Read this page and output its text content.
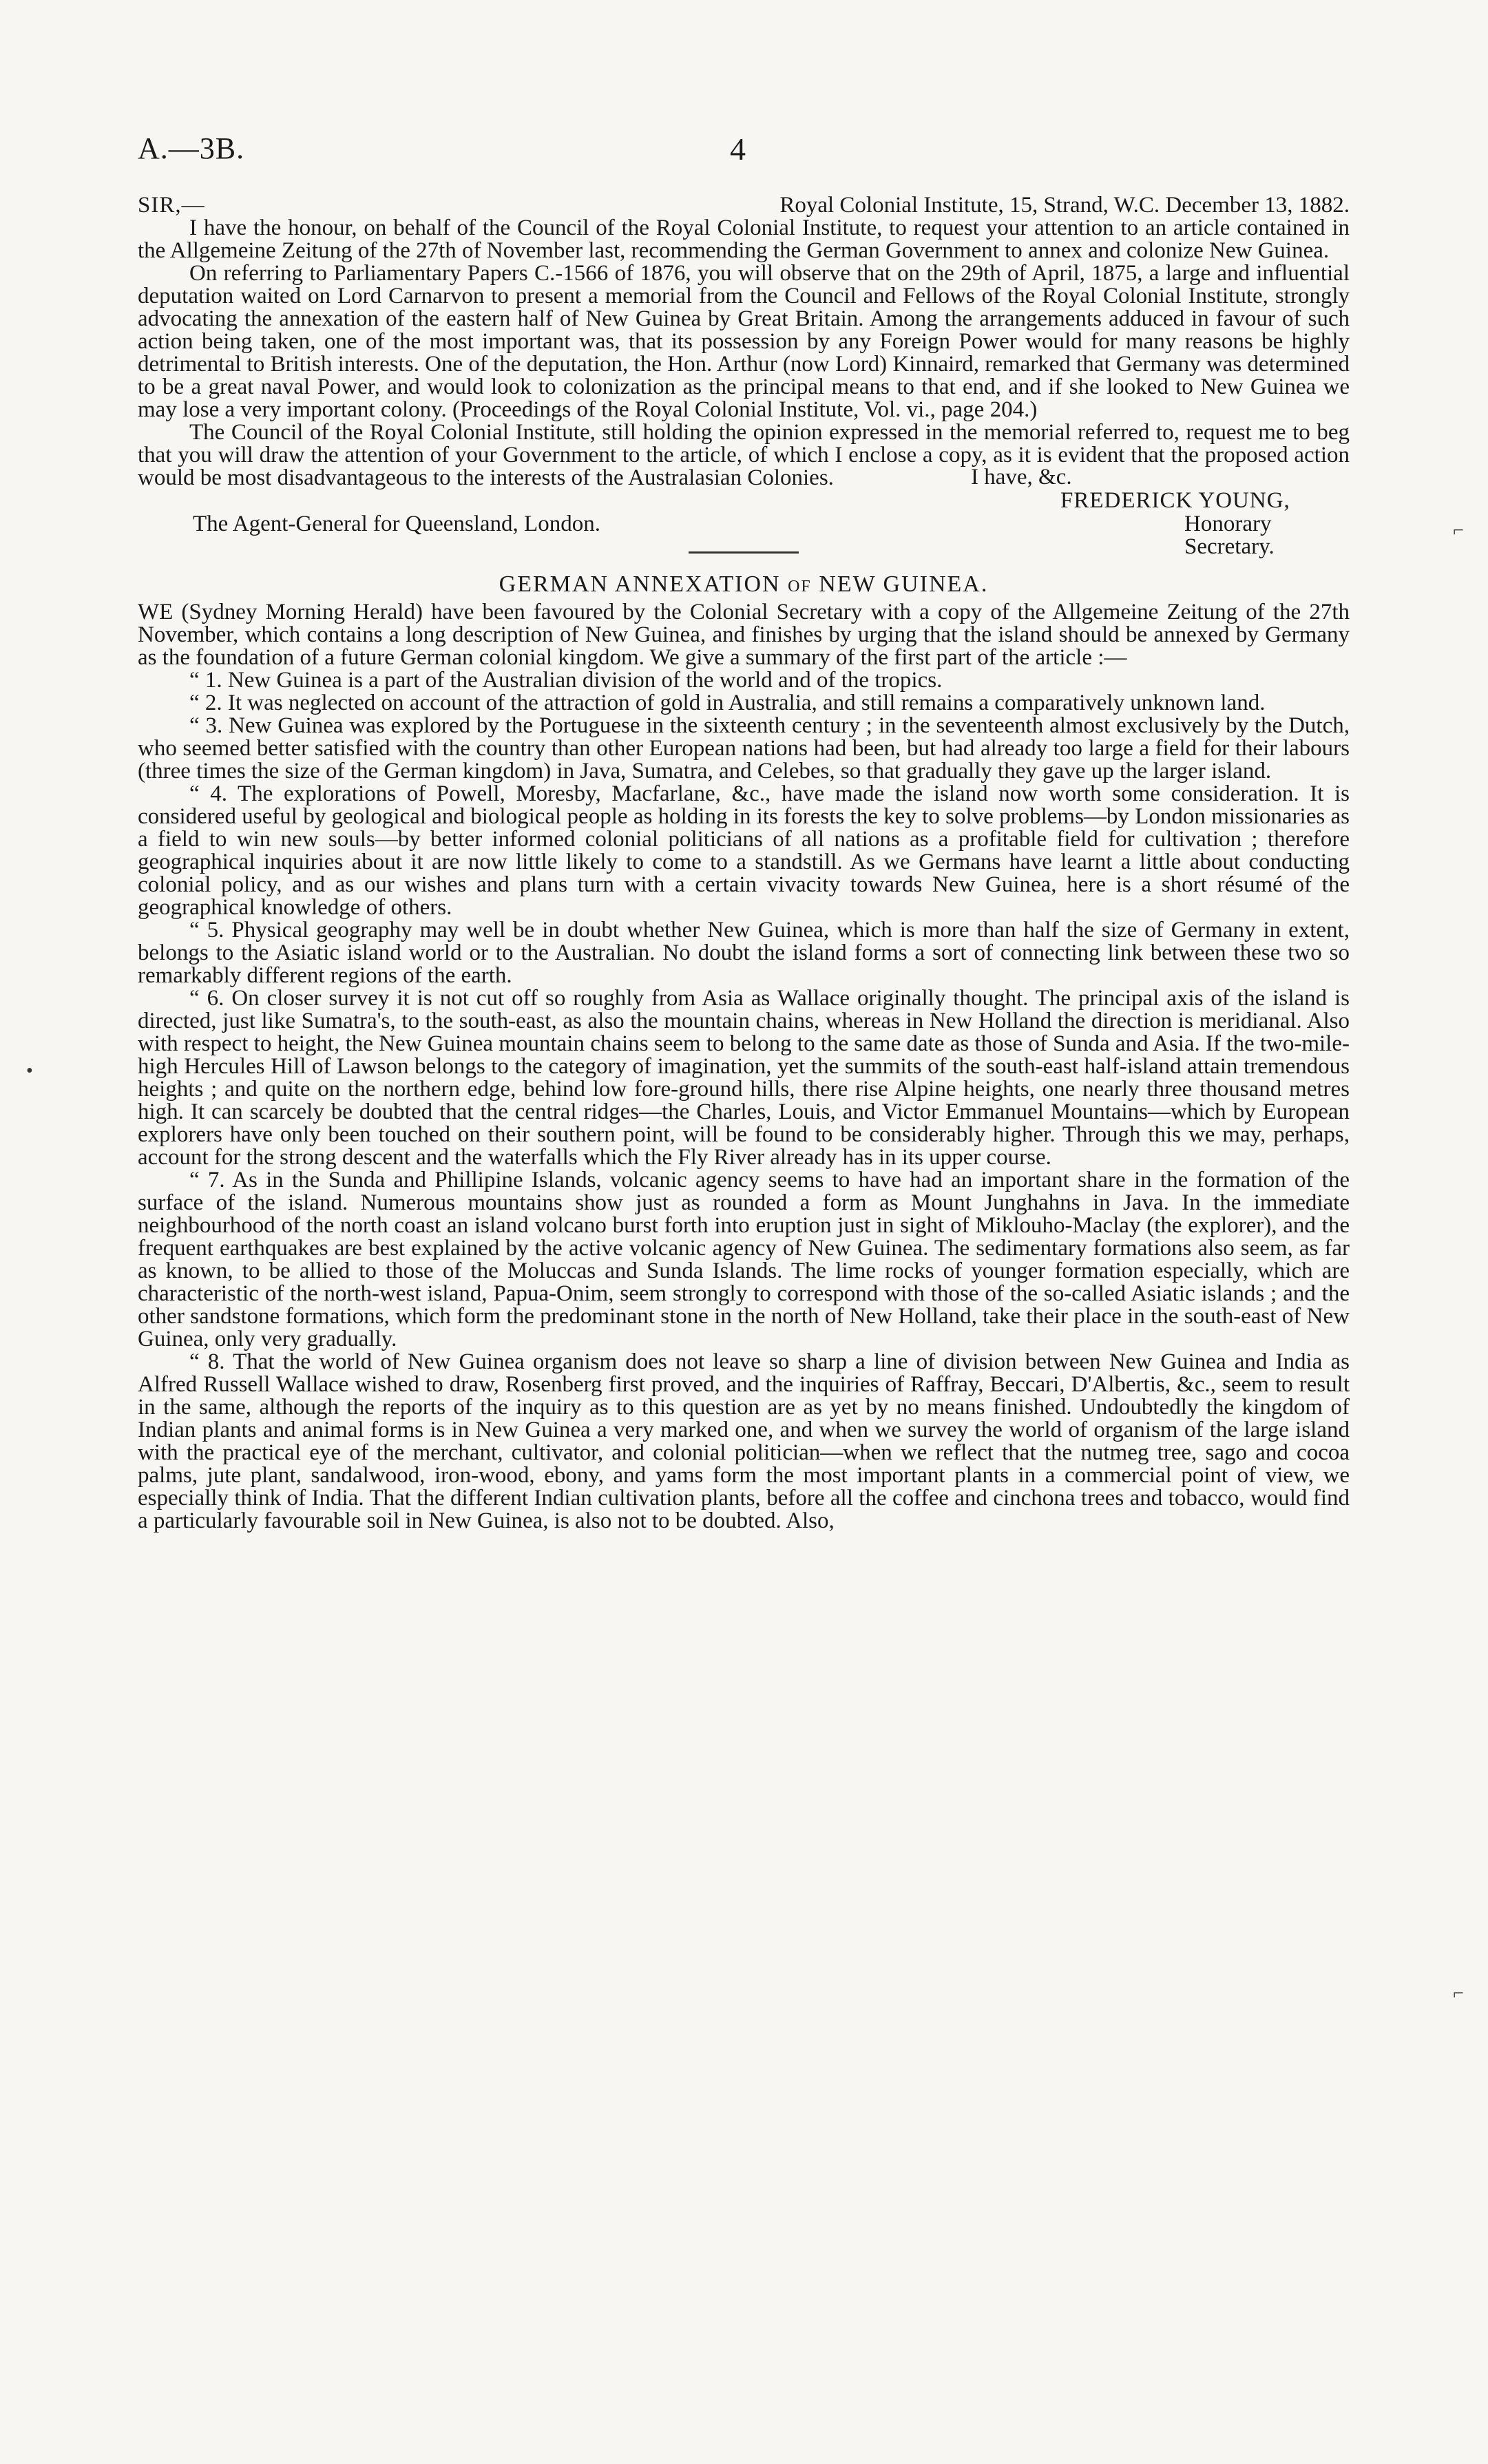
A.—3B.	4
SIR,—	Royal Colonial Institute, 15, Strand, W.C. December 13, 1882.

I have the honour, on behalf of the Council of the Royal Colonial Institute, to request your attention to an article contained in the Allgemeine Zeitung of the 27th of November last, recommending the German Government to annex and colonize New Guinea.

On referring to Parliamentary Papers C.-1566 of 1876, you will observe that on the 29th of April, 1875, a large and influential deputation waited on Lord Carnarvon to present a memorial from the Council and Fellows of the Royal Colonial Institute, strongly advocating the annexation of the eastern half of New Guinea by Great Britain. Among the arrangements adduced in favour of such action being taken, one of the most important was, that its possession by any Foreign Power would for many reasons be highly detrimental to British interests. One of the deputation, the Hon. Arthur (now Lord) Kinnaird, remarked that Germany was determined to be a great naval Power, and would look to colonization as the principal means to that end, and if she looked to New Guinea we may lose a very important colony. (Proceedings of the Royal Colonial Institute, Vol. vi., page 204.)

The Council of the Royal Colonial Institute, still holding the opinion expressed in the memorial referred to, request me to beg that you will draw the attention of your Government to the article, of which I enclose a copy, as it is evident that the proposed action would be most disadvantageous to the interests of the Australasian Colonies.	I have, &c.
FREDERICK YOUNG,
The Agent-General for Queensland, London.	Honorary Secretary.
GERMAN ANNEXATION of NEW GUINEA.

WE (Sydney Morning Herald) have been favoured by the Colonial Secretary with a copy of the Allgemeine Zeitung of the 27th November, which contains a long description of New Guinea, and finishes by urging that the island should be annexed by Germany as the foundation of a future German colonial kingdom. We give a summary of the first part of the article :—

“ 1. New Guinea is a part of the Australian division of the world and of the tropics.

“ 2. It was neglected on account of the attraction of gold in Australia, and still remains a comparatively unknown land.

“ 3. New Guinea was explored by the Portuguese in the sixteenth century ; in the seventeenth almost exclusively by the Dutch, who seemed better satisfied with the country than other European nations had been, but had already too large a field for their labours (three times the size of the German kingdom) in Java, Sumatra, and Celebes, so that gradually they gave up the larger island.

“ 4. The explorations of Powell, Moresby, Macfarlane, &c., have made the island now worth some consideration. It is considered useful by geological and biological people as holding in its forests the key to solve problems—by London missionaries as a field to win new souls—by better informed colonial politicians of all nations as a profitable field for cultivation ; therefore geographical inquiries about it are now little likely to come to a standstill. As we Germans have learnt a little about conducting colonial policy, and as our wishes and plans turn with a certain vivacity towards New Guinea, here is a short résumé of the geographical knowledge of others.

“ 5. Physical geography may well be in doubt whether New Guinea, which is more than half the size of Germany in extent, belongs to the Asiatic island world or to the Australian. No doubt the island forms a sort of connecting link between these two so remarkably different regions of the earth.

“ 6. On closer survey it is not cut off so roughly from Asia as Wallace originally thought. The principal axis of the island is directed, just like Sumatra's, to the south-east, as also the mountain chains, whereas in New Holland the direction is meridianal. Also with respect to height, the New Guinea mountain chains seem to belong to the same date as those of Sunda and Asia. If the two-mile-high Hercules Hill of Lawson belongs to the category of imagination, yet the summits of the south-east half-island attain tremendous heights ; and quite on the northern edge, behind low fore-ground hills, there rise Alpine heights, one nearly three thousand metres high. It can scarcely be doubted that the central ridges—the Charles, Louis, and Victor Emmanuel Mountains—which by European explorers have only been touched on their southern point, will be found to be considerably higher. Through this we may, perhaps, account for the strong descent and the waterfalls which the Fly River already has in its upper course.

“ 7. As in the Sunda and Phillipine Islands, volcanic agency seems to have had an important share in the formation of the surface of the island. Numerous mountains show just as rounded a form as Mount Junghahns in Java. In the immediate neighbourhood of the north coast an island volcano burst forth into eruption just in sight of Miklouho-Maclay (the explorer), and the frequent earthquakes are best explained by the active volcanic agency of New Guinea. The sedimentary formations also seem, as far as known, to be allied to those of the Moluccas and Sunda Islands. The lime rocks of younger formation especially, which are characteristic of the north-west island, Papua-Onim, seem strongly to correspond with those of the so-called Asiatic islands ; and the other sandstone formations, which form the predominant stone in the north of New Holland, take their place in the south-east of New Guinea, only very gradually.

“ 8. That the world of New Guinea organism does not leave so sharp a line of division between New Guinea and India as Alfred Russell Wallace wished to draw, Rosenberg first proved, and the inquiries of Raffray, Beccari, D'Albertis, &c., seem to result in the same, although the reports of the inquiry as to this question are as yet by no means finished. Undoubtedly the kingdom of Indian plants and animal forms is in New Guinea a very marked one, and when we survey the world of organism of the large island with the practical eye of the merchant, cultivator, and colonial politician—when we reflect that the nutmeg tree, sago and cocoa palms, jute plant, sandalwood, iron-wood, ebony, and yams form the most important plants in a commercial point of view, we especially think of India. That the different Indian cultivation plants, before all the coffee and cinchona trees and tobacco, would find a particularly favourable soil in New Guinea, is also not to be doubted. Also,

⌐
•
⌐
